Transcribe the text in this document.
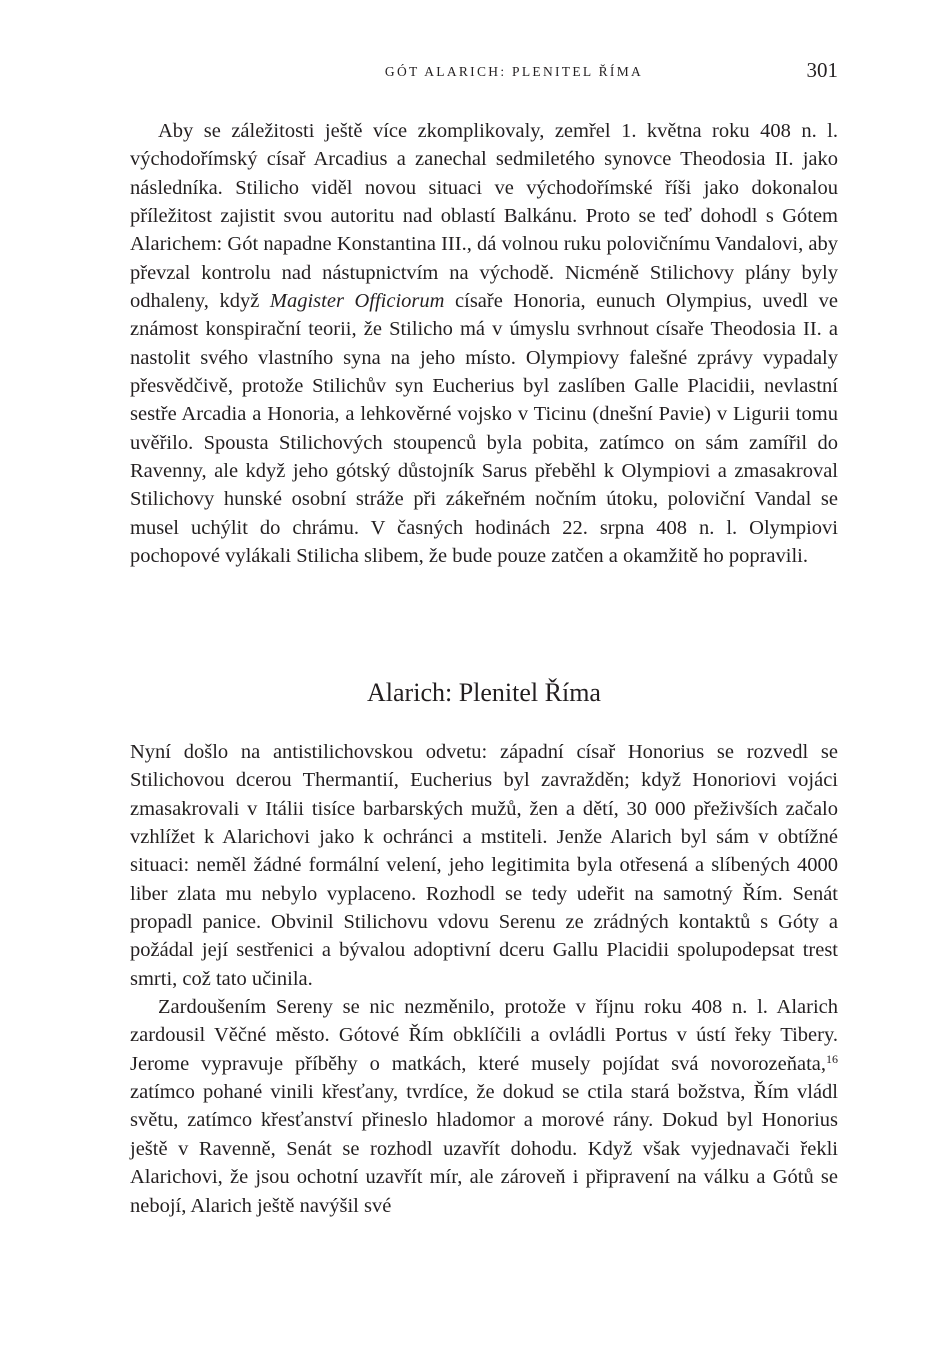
GÓT ALARICH: PLENITEL ŘÍMA	301

Aby se záležitosti ještě více zkomplikovaly, zemřel 1. května roku 408 n. l. východořímský císař Arcadius a zanechal sedmiletého synovce Theodosia II. jako následníka. Stilicho viděl novou situaci ve východořímské říši jako dokonalou příležitost zajistit svou autoritu nad oblastí Balkánu. Proto se teď dohodl s Gótem Alarichem: Gót napadne Konstantina III., dá volnou ruku polovičnímu Vandalovi, aby převzal kontrolu nad nástupnictvím na východě. Nicméně Stilichovy plány byly odhaleny, když Magister Officiorum císaře Honoria, eunuch Olympius, uvedl ve známost konspirační teorii, že Stilicho má v úmyslu svrhnout císaře Theodosia II. a nastolit svého vlastního syna na jeho místo. Olympiovy falešné zprávy vypadaly přesvědčivě, protože Stilichův syn Eucherius byl zaslíben Galle Placidii, nevlastní sestře Arcadia a Honoria, a lehkověrné vojsko v Ticinu (dnešní Pavie) v Ligurii tomu uvěřilo. Spousta Stilichových stoupenců byla pobita, zatímco on sám zamířil do Ravenny, ale když jeho gótský důstojník Sarus přeběhl k Olympiovi a zmasakroval Stilichovy hunské osobní stráže při zákeřném nočním útoku, poloviční Vandal se musel uchýlit do chrámu. V časných hodinách 22. srpna 408 n. l. Olympiovi pochopové vylákali Stilicha slibem, že bude pouze zatčen a okamžitě ho popravili.

Alarich: Plenitel Říma

Nyní došlo na antistilichovskou odvetu: západní císař Honorius se rozvedl se Stilichovou dcerou Thermantií, Eucherius byl zavražděn; když Honoriovi vojáci zmasakrovali v Itálii tisíce barbarských mužů, žen a dětí, 30 000 přeživších začalo vzhlížet k Alarichovi jako k ochránci a mstiteli. Jenže Alarich byl sám v obtížné situaci: neměl žádné formální velení, jeho legitimita byla otřesená a slíbených 4000 liber zlata mu nebylo vyplaceno. Rozhodl se tedy udeřit na samotný Řím. Senát propadl panice. Obvinil Stilichovu vdovu Serenu ze zrádných kontaktů s Góty a požádal její sestřenici a bývalou adoptivní dceru Gallu Placidii spolupodepsat trest smrti, což tato učinila.

Zardoušením Sereny se nic nezměnilo, protože v říjnu roku 408 n. l. Alarich zardousil Věčné město. Gótové Řím obklíčili a ovládli Portus v ústí řeky Tibery. Jerome vypravuje příběhy o matkách, které musely pojídat svá novorozeňata,$^{16}$ zatímco pohané vinili křesťany, tvrdíce, že dokud se ctila stará božstva, Řím vládl světu, zatímco křesťanství přineslo hladomor a morové rány. Dokud byl Honorius ještě v Ravenně, Senát se rozhodl uzavřít dohodu. Když však vyjednavači řekli Alarichovi, že jsou ochotní uzavřít mír, ale zároveň i připravení na válku a Gótů se nebojí, Alarich ještě navýšil své
